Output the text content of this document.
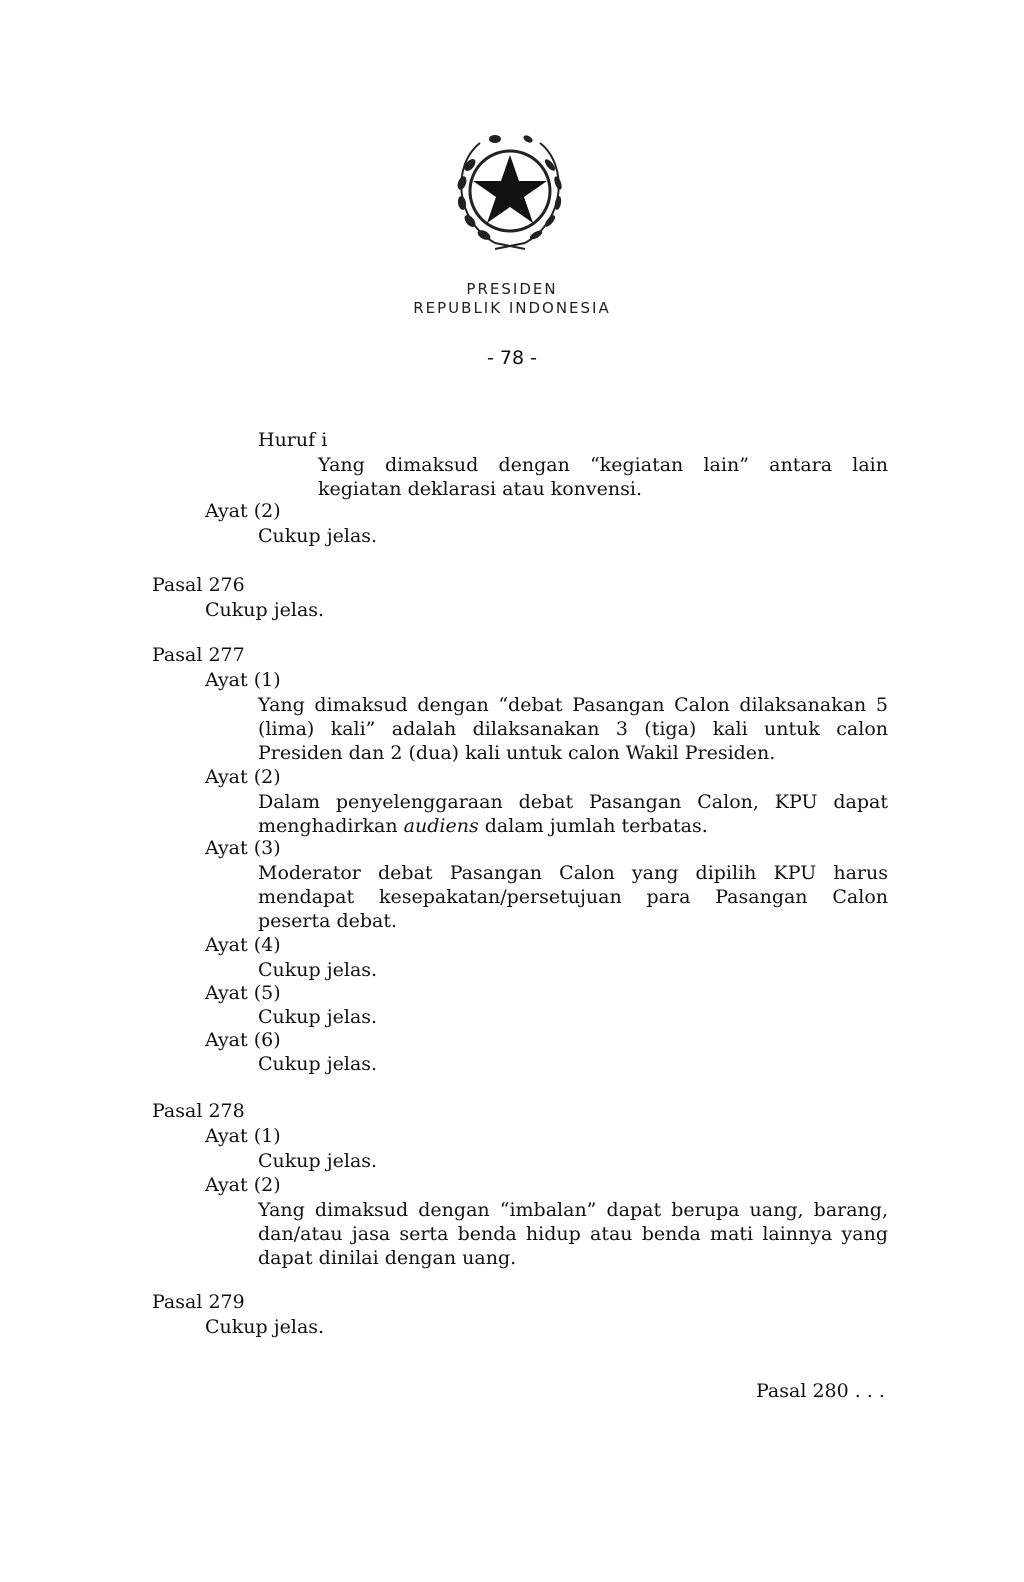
PRESIDEN
REPUBLIK INDONESIA
- 78 -
Huruf i
Yang dimaksud dengan “kegiatan lain” antara lain kegiatan deklarasi atau konvensi.
Ayat (2)
Cukup jelas.
Pasal 276
Cukup jelas.
Pasal 277
Ayat (1)
Yang dimaksud dengan “debat Pasangan Calon dilaksanakan 5 (lima) kali” adalah dilaksanakan 3 (tiga) kali untuk calon Presiden dan 2 (dua) kali untuk calon Wakil Presiden.
Ayat (2)
Dalam penyelenggaraan debat Pasangan Calon, KPU dapat menghadirkan audiens dalam jumlah terbatas.
Ayat (3)
Moderator debat Pasangan Calon yang dipilih KPU harus mendapat kesepakatan/persetujuan para Pasangan Calon peserta debat.
Ayat (4)
Cukup jelas.
Ayat (5)
Cukup jelas.
Ayat (6)
Cukup jelas.
Pasal 278
Ayat (1)
Cukup jelas.
Ayat (2)
Yang dimaksud dengan “imbalan” dapat berupa uang, barang, dan/atau jasa serta benda hidup atau benda mati lainnya yang dapat dinilai dengan uang.
Pasal 279
Cukup jelas.
Pasal 280 . . .
